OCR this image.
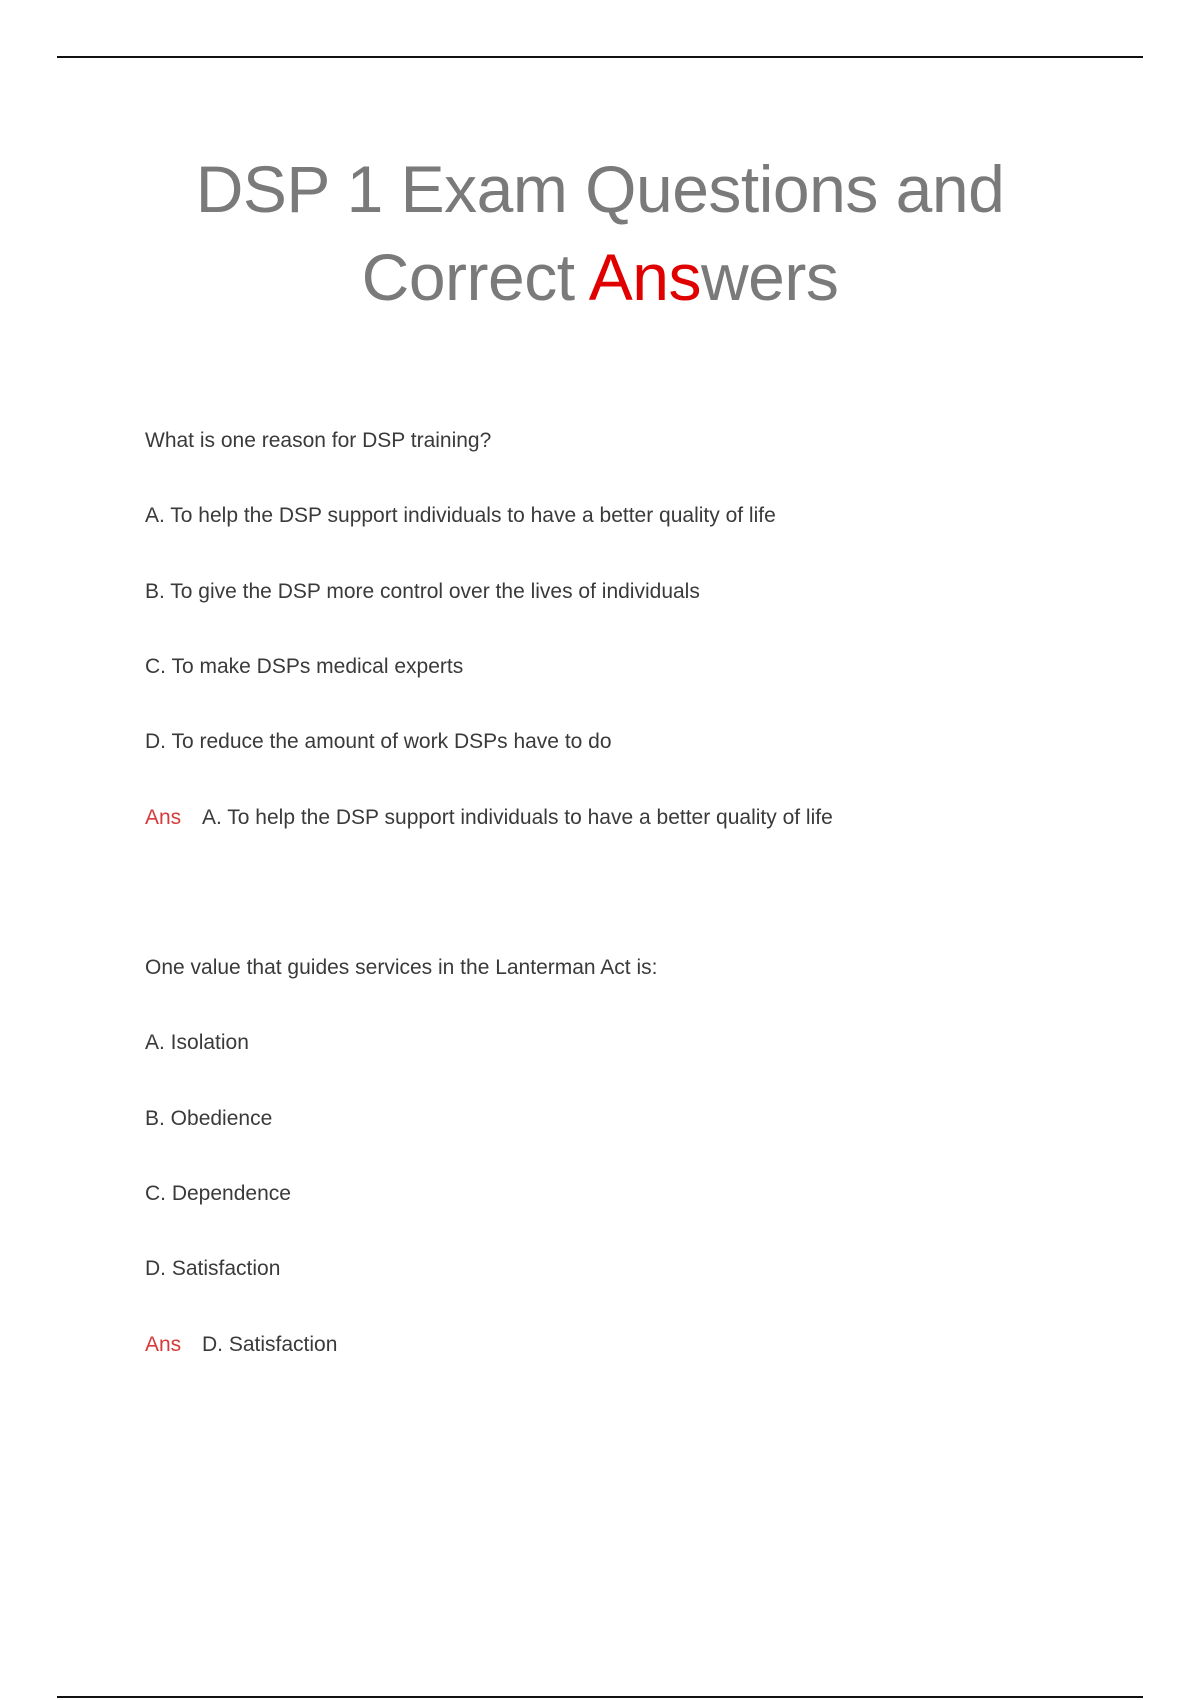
DSP 1 Exam Questions and
Correct Answers
What is one reason for DSP training?
A. To help the DSP support individuals to have a better quality of life
B. To give the DSP more control over the lives of individuals
C. To make DSPs medical experts
D. To reduce the amount of work DSPs have to do
Ans A. To help the DSP support individuals to have a better quality of life
One value that guides services in the Lanterman Act is:
A. Isolation
B. Obedience
C. Dependence
D. Satisfaction
Ans D. Satisfaction
